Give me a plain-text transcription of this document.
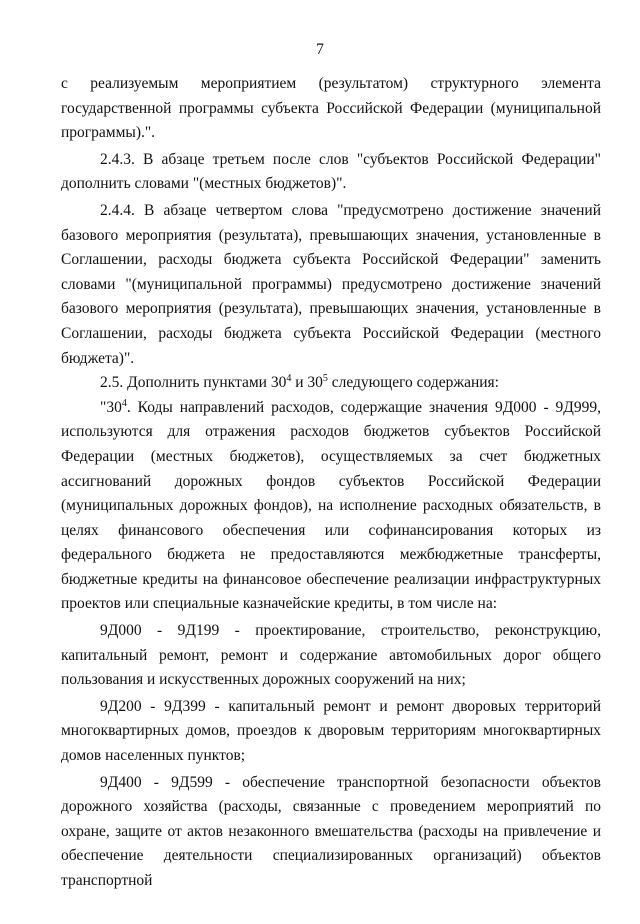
7

с реализуемым мероприятием (результатом) структурного элемента государственной программы субъекта Российской Федерации (муниципальной программы).".

2.4.3. В абзаце третьем после слов "субъектов Российской Федерации" дополнить словами "(местных бюджетов)".

2.4.4. В абзаце четвертом слова "предусмотрено достижение значений базового мероприятия (результата), превышающих значения, установленные в Соглашении, расходы бюджета субъекта Российской Федерации" заменить словами "(муниципальной программы) предусмотрено достижение значений базового мероприятия (результата), превышающих значения, установленные в Соглашении, расходы бюджета субъекта Российской Федерации (местного бюджета)".

2.5. Дополнить пунктами $30^4$ и $30^5$ следующего содержания:

"$30^4$. Коды направлений расходов, содержащие значения 9Д000 - 9Д999, используются для отражения расходов бюджетов субъектов Российской Федерации (местных бюджетов), осуществляемых за счет бюджетных ассигнований дорожных фондов субъектов Российской Федерации (муниципальных дорожных фондов), на исполнение расходных обязательств, в целях финансового обеспечения или софинансирования которых из федерального бюджета не предоставляются межбюджетные трансферты, бюджетные кредиты на финансовое обеспечение реализации инфраструктурных проектов или специальные казначейские кредиты, в том числе на:

9Д000 - 9Д199 - проектирование, строительство, реконструкцию, капитальный ремонт, ремонт и содержание автомобильных дорог общего пользования и искусственных дорожных сооружений на них;

9Д200 - 9Д399 - капитальный ремонт и ремонт дворовых территорий многоквартирных домов, проездов к дворовым территориям многоквартирных домов населенных пунктов;

9Д400 - 9Д599 - обеспечение транспортной безопасности объектов дорожного хозяйства (расходы, связанные с проведением мероприятий по охране, защите от актов незаконного вмешательства (расходы на привлечение и обеспечение деятельности специализированных организаций) объектов транспортной
